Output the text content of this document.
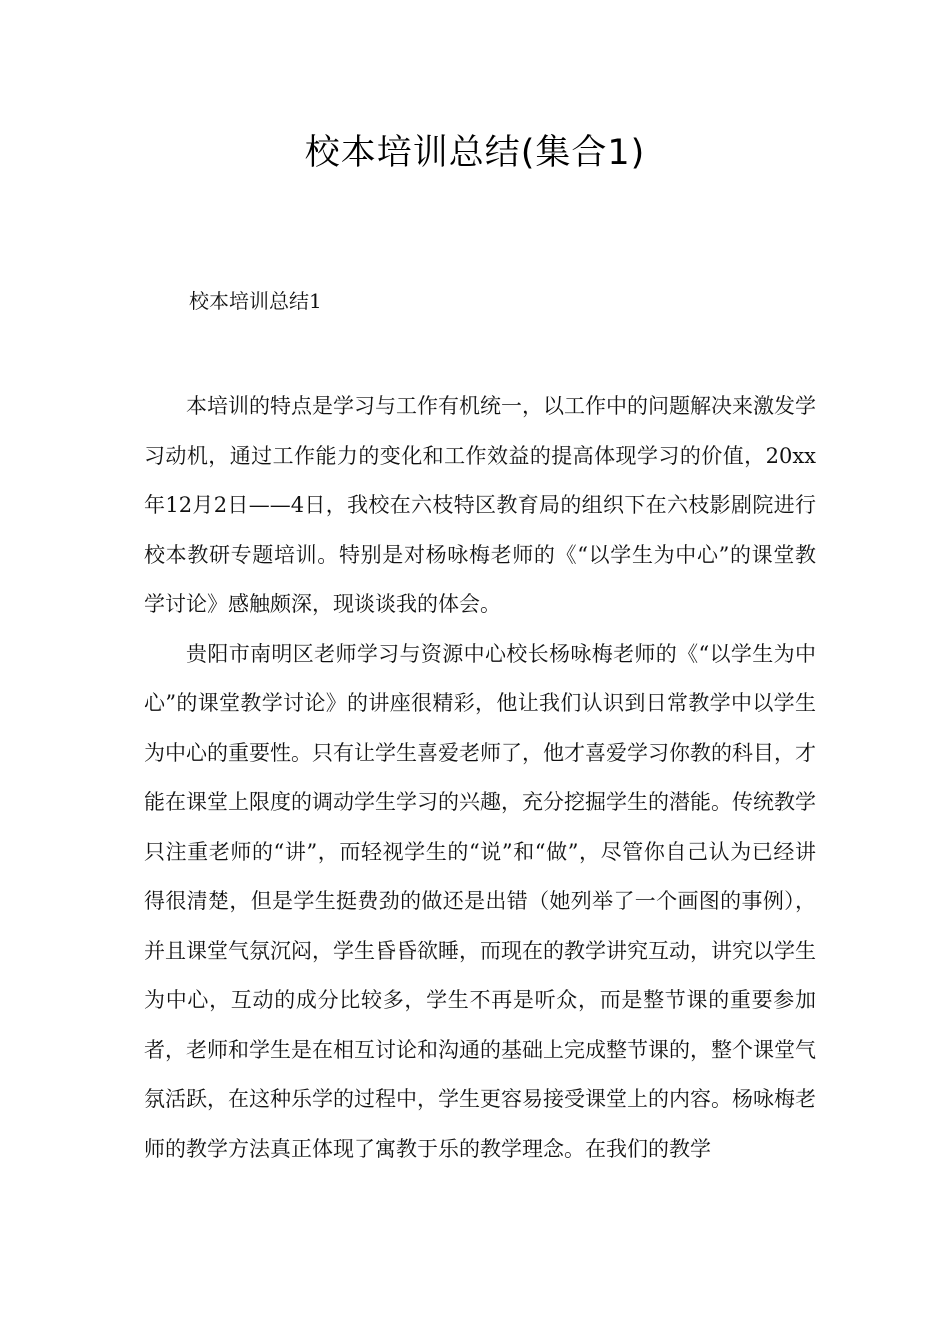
校本培训总结(集合1)
校本培训总结1

本培训的特点是学习与工作有机统一，以工作中的问题解决来激发学习动机，通过工作能力的变化和工作效益的提高体现学习的价值，20xx年12月2日——4日，我校在六枝特区教育局的组织下在六枝影剧院进行校本教研专题培训。特别是对杨咏梅老师的《“以学生为中心”的课堂教学讨论》感触颇深，现谈谈我的体会。

贵阳市南明区老师学习与资源中心校长杨咏梅老师的《“以学生为中心”的课堂教学讨论》的讲座很精彩，他让我们认识到日常教学中以学生为中心的重要性。只有让学生喜爱老师了，他才喜爱学习你教的科目，才能在课堂上限度的调动学生学习的兴趣，充分挖掘学生的潜能。传统教学只注重老师的“讲”，而轻视学生的“说”和“做”，尽管你自己认为已经讲得很清楚，但是学生挺费劲的做还是出错（她列举了一个画图的事例），并且课堂气氛沉闷，学生昏昏欲睡，而现在的教学讲究互动，讲究以学生为中心，互动的成分比较多，学生不再是听众，而是整节课的重要参加者，老师和学生是在相互讨论和沟通的基础上完成整节课的，整个课堂气氛活跃，在这种乐学的过程中，学生更容易接受课堂上的内容。杨咏梅老师的教学方法真正体现了寓教于乐的教学理念。在我们的教学
